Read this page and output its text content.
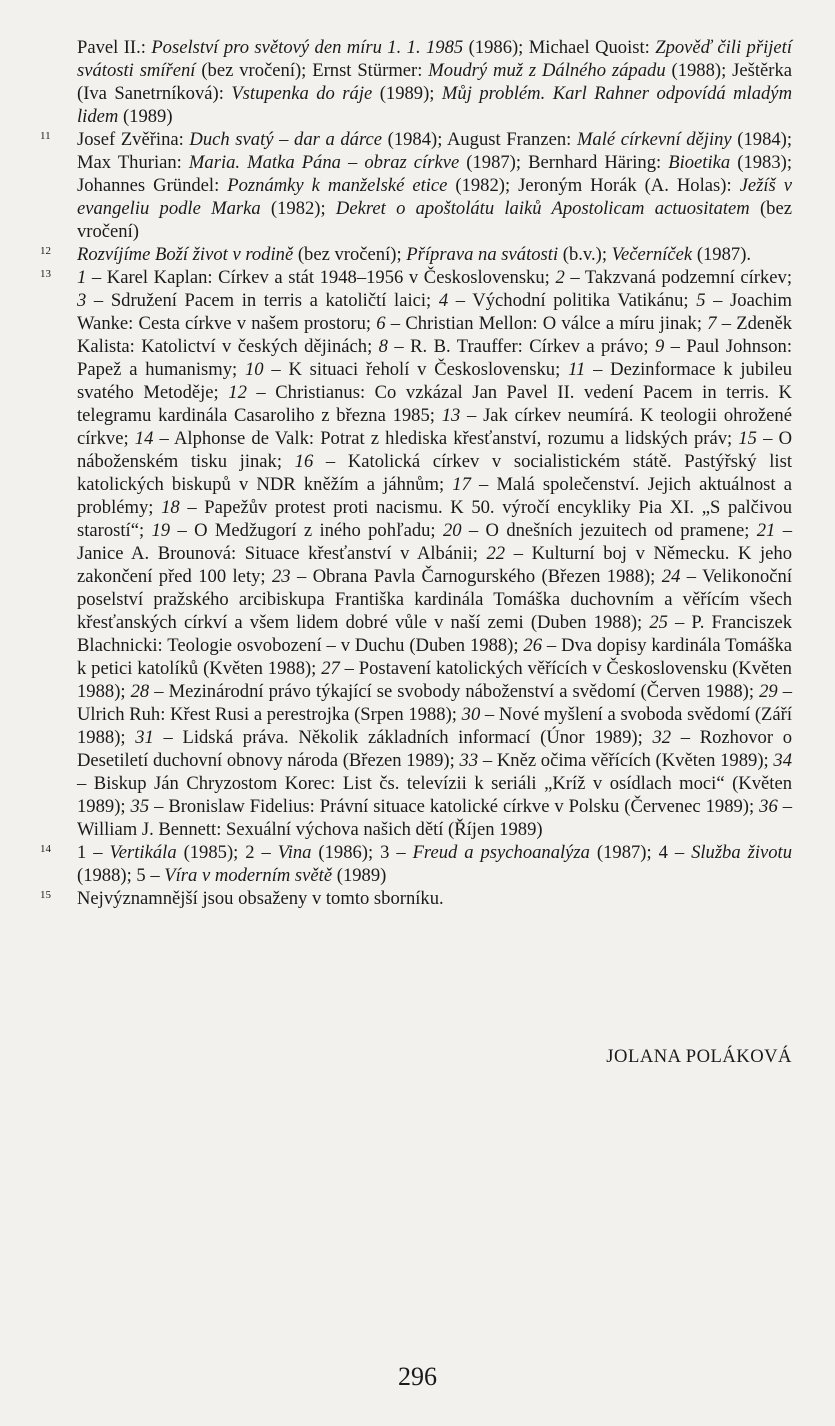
Pavel II.: Poselství pro světový den míru 1. 1. 1985 (1986); Michael Quoist: Zpověď čili přijetí svátosti smíření (bez vročení); Ernst Stürmer: Moudrý muž z Dálného západu (1988); Ještěrka (Iva Sanetrníková): Vstupenka do ráje (1989); Můj problém. Karl Rahner odpovídá mladým lidem (1989)
11 Josef Zvěřina: Duch svatý – dar a dárce (1984); August Franzen: Malé církevní dějiny (1984); Max Thurian: Maria. Matka Pána – obraz církve (1987); Bernhard Häring: Bioetika (1983); Johannes Gründel: Poznámky k manželské etice (1982); Jeroným Horák (A. Holas): Ježíš v evangeliu podle Marka (1982); Dekret o apoštolátu laiků Apostolicam actuositatem (bez vročení)
12 Rozvíjíme Boží život v rodině (bez vročení); Příprava na svátosti (b.v.); Večerníček (1987).
13 1 – Karel Kaplan: Církev a stát 1948–1956 v Československu; 2 – Takzvaná podzemní církev; 3 – Sdružení Pacem in terris a katoličtí laici; 4 – Východní politika Vatikánu; 5 – Joachim Wanke: Cesta církve v našem prostoru; 6 – Christian Mellon: O válce a míru jinak; 7 – Zdeněk Kalista: Katolictví v českých dějinách; 8 – R. B. Trauffer: Církev a právo; 9 – Paul Johnson: Papež a humanismy; 10 – K situaci řeholí v Československu; 11 – Dezinformace k jubileu svatého Metoděje; 12 – Christianus: Co vzkázal Jan Pavel II. vedení Pacem in terris. K telegramu kardinála Casaroliho z března 1985; 13 – Jak církev neumírá. K teologii ohrožené církve; 14 – Alphonse de Valk: Potrat z hlediska křesťanství, rozumu a lidských práv; 15 – O náboženském tisku jinak; 16 – Katolická církev v socialistickém státě. Pastýřský list katolických biskupů v NDR kněžím a jáhnům; 17 – Malá společenství. Jejich aktuálnost a problémy; 18 – Papežův protest proti nacismu. K 50. výročí encykliky Pia XI. „S palčivou starostí“; 19 – O Medžugorí z iného pohľadu; 20 – O dnešních jezuitech od pramene; 21 – Janice A. Brounová: Situace křesťanství v Albánii; 22 – Kulturní boj v Německu. K jeho zakončení před 100 lety; 23 – Obrana Pavla Čarnogurského (Březen 1988); 24 – Velikonoční poselství pražského arcibiskupa Františka kardinála Tomáška duchovním a věřícím všech křesťanských církví a všem lidem dobré vůle v naší zemi (Duben 1988); 25 – P. Franciszek Blachnicki: Teologie osvobození – v Duchu (Duben 1988); 26 – Dva dopisy kardinála Tomáška k petici katolíků (Květen 1988); 27 – Postavení katolických věřících v Československu (Květen 1988); 28 – Mezinárodní právo týkající se svobody náboženství a svědomí (Červen 1988); 29 – Ulrich Ruh: Křest Rusi a perestrojka (Srpen 1988); 30 – Nové myšlení a svoboda svědomí (Září 1988); 31 – Lidská práva. Několik základních informací (Únor 1989); 32 – Rozhovor o Desetiletí duchovní obnovy národa (Březen 1989); 33 – Kněz očima věřících (Květen 1989); 34 – Biskup Ján Chryzostom Korec: List čs. televízii k seriáli „Kríž v osídlach moci“ (Květen 1989); 35 – Bronislaw Fidelius: Právní situace katolické církve v Polsku (Červenec 1989); 36 – William J. Bennett: Sexuální výchova našich dětí (Říjen 1989)
14 1 – Vertikála (1985); 2 – Vina (1986); 3 – Freud a psychoanalýza (1987); 4 – Služba životu (1988); 5 – Víra v moderním světě (1989)
15 Nejvýznamnější jsou obsaženy v tomto sborníku.
JOLANA POLÁKOVÁ
296
